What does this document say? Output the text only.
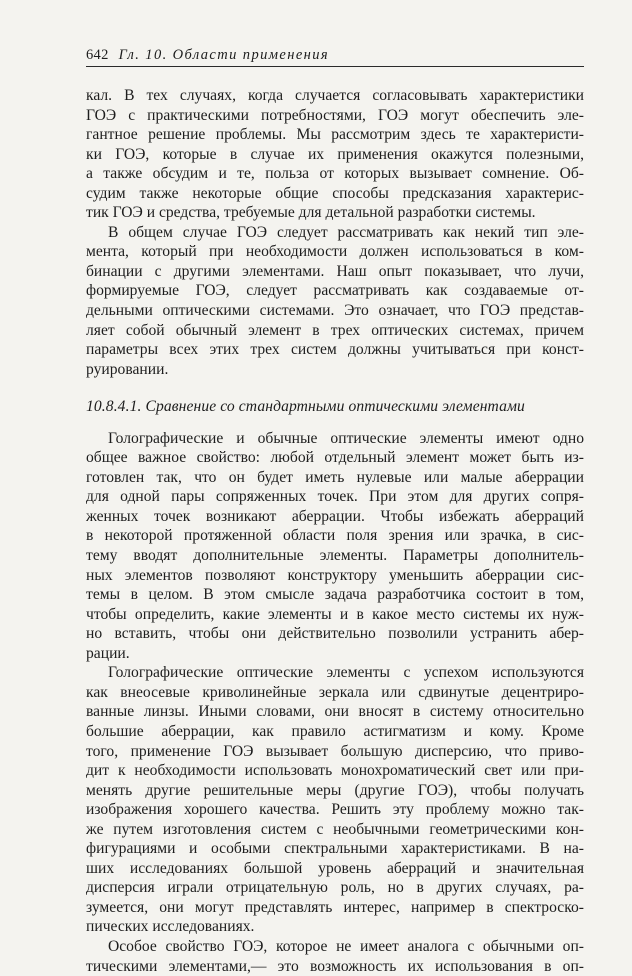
642 Гл. 10. Области применения
кал. В тех случаях, когда случается согласовывать характеристики
ГОЭ с практическими потребностями, ГОЭ могут обеспечить эле-
гантное решение проблемы. Мы рассмотрим здесь те характеристи-
ки ГОЭ, которые в случае их применения окажутся полезными,
а также обсудим и те, польза от которых вызывает сомнение. Об-
судим также некоторые общие способы предсказания характерис-
тик ГОЭ и средства, требуемые для детальной разработки системы.
В общем случае ГОЭ следует рассматривать как некий тип эле-
мента, который при необходимости должен использоваться в ком-
бинации с другими элементами. Наш опыт показывает, что лучи,
формируемые ГОЭ, следует рассматривать как создаваемые от-
дельными оптическими системами. Это означает, что ГОЭ представ-
ляет собой обычный элемент в трех оптических системах, причем
параметры всех этих трех систем должны учитываться при конст-
руировании.
10.8.4.1. Сравнение со стандартными оптическими элементами
Голографические и обычные оптические элементы имеют одно
общее важное свойство: любой отдельный элемент может быть из-
готовлен так, что он будет иметь нулевые или малые аберрации
для одной пары сопряженных точек. При этом для других сопря-
женных точек возникают аберрации. Чтобы избежать аберраций
в некоторой протяженной области поля зрения или зрачка, в сис-
тему вводят дополнительные элементы. Параметры дополнитель-
ных элементов позволяют конструктору уменьшить аберрации сис-
темы в целом. В этом смысле задача разработчика состоит в том,
чтобы определить, какие элементы и в какое место системы их нуж-
но вставить, чтобы они действительно позволили устранить абер-
рации.
Голографические оптические элементы с успехом используются
как внеосевые криволинейные зеркала или сдвинутые децентриро-
ванные линзы. Иными словами, они вносят в систему относительно
большие аберрации, как правило астигматизм и кому. Кроме
того, применение ГОЭ вызывает большую дисперсию, что приво-
дит к необходимости использовать монохроматический свет или при-
менять другие решительные меры (другие ГОЭ), чтобы получать
изображения хорошего качества. Решить эту проблему можно так-
же путем изготовления систем с необычными геометрическими кон-
фигурациями и особыми спектральными характеристиками. В на-
ших исследованиях большой уровень аберраций и значительная
дисперсия играли отрицательную роль, но в других случаях, ра-
зумеется, они могут представлять интерес, например в спектроско-
пических исследованиях.
Особое свойство ГОЭ, которое не имеет аналога с обычными оп-
тическими элементами,— это возможность их использования в оп-
